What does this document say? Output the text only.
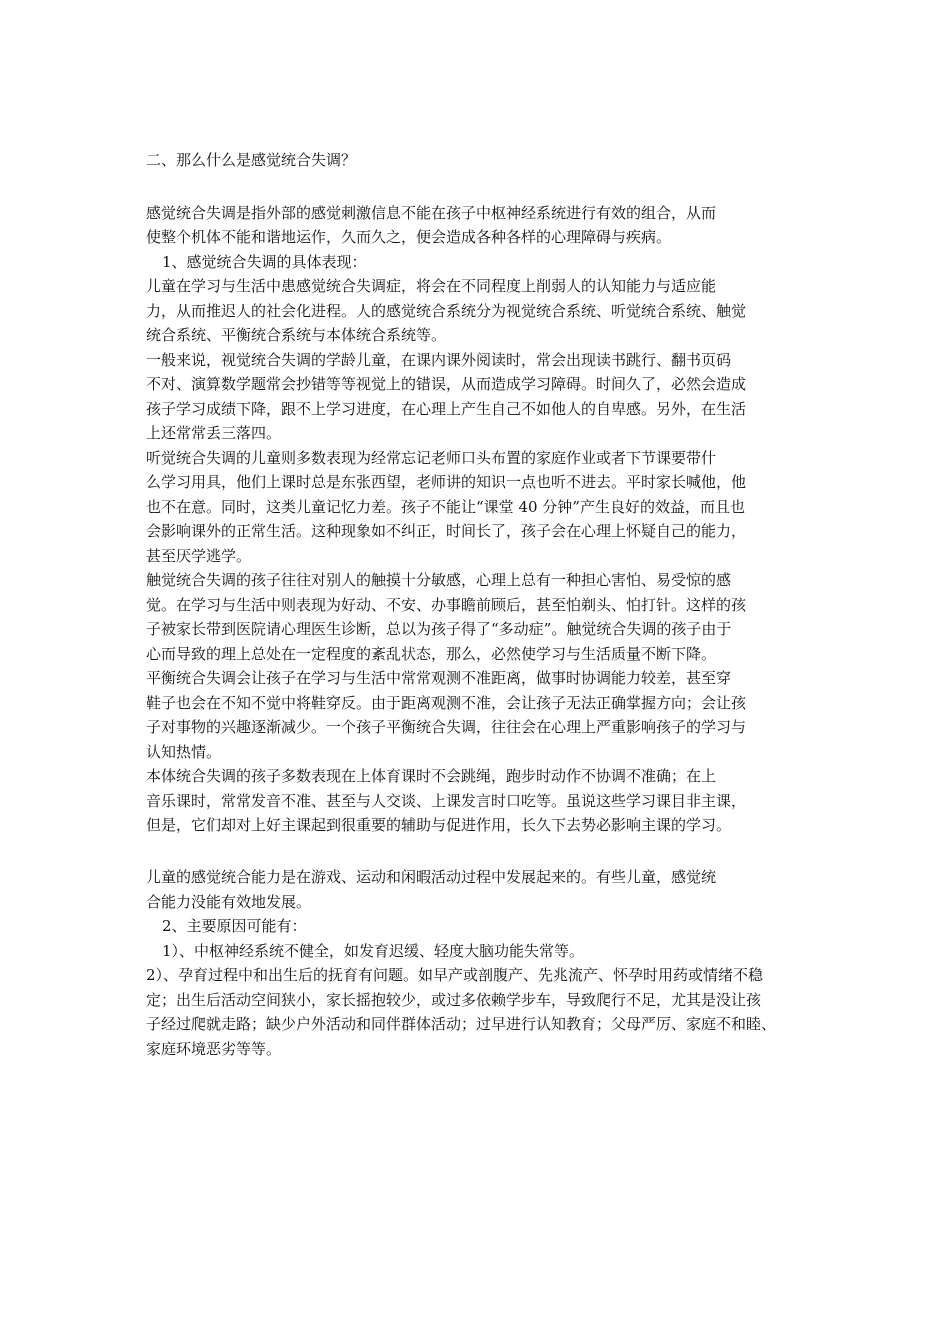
二、那么什么是感觉统合失调？
感觉统合失调是指外部的感觉刺激信息不能在孩子中枢神经系统进行有效的组合，从而
使整个机体不能和谐地运作，久而久之，便会造成各种各样的心理障碍与疾病。
1、感觉统合失调的具体表现：
儿童在学习与生活中患感觉统合失调症，将会在不同程度上削弱人的认知能力与适应能
力，从而推迟人的社会化进程。人的感觉统合系统分为视觉统合系统、听觉统合系统、触觉
统合系统、平衡统合系统与本体统合系统等。
一般来说，视觉统合失调的学龄儿童，在课内课外阅读时，常会出现读书跳行、翻书页码
不对、演算数学题常会抄错等等视觉上的错误，从而造成学习障碍。时间久了，必然会造成
孩子学习成绩下降，跟不上学习进度，在心理上产生自己不如他人的自卑感。另外，在生活
上还常常丢三落四。
听觉统合失调的儿童则多数表现为经常忘记老师口头布置的家庭作业或者下节课要带什
么学习用具，他们上课时总是东张西望，老师讲的知识一点也听不进去。平时家长喊他，他
也不在意。同时，这类儿童记忆力差。孩子不能让“课堂 40 分钟”产生良好的效益，而且也
会影响课外的正常生活。这种现象如不纠正，时间长了，孩子会在心理上怀疑自己的能力，
甚至厌学逃学。
触觉统合失调的孩子往往对别人的触摸十分敏感，心理上总有一种担心害怕、易受惊的感
觉。在学习与生活中则表现为好动、不安、办事瞻前顾后，甚至怕剃头、怕打针。这样的孩
子被家长带到医院请心理医生诊断，总以为孩子得了“多动症”。触觉统合失调的孩子由于
心而导致的理上总处在一定程度的紊乱状态，那么，必然使学习与生活质量不断下降。
平衡统合失调会让孩子在学习与生活中常常观测不准距离，做事时协调能力较差，甚至穿
鞋子也会在不知不觉中将鞋穿反。由于距离观测不准，会让孩子无法正确掌握方向；会让孩
子对事物的兴趣逐渐减少。一个孩子平衡统合失调，往往会在心理上严重影响孩子的学习与
认知热情。
本体统合失调的孩子多数表现在上体育课时不会跳绳，跑步时动作不协调不准确；在上
音乐课时，常常发音不准、甚至与人交谈、上课发言时口吃等。虽说这些学习课目非主课，
但是，它们却对上好主课起到很重要的辅助与促进作用，长久下去势必影响主课的学习。
儿童的感觉统合能力是在游戏、运动和闲暇活动过程中发展起来的。有些儿童，感觉统
合能力没能有效地发展。
2、主要原因可能有：
1）、中枢神经系统不健全，如发育迟缓、轻度大脑功能失常等。
2）、孕育过程中和出生后的抚育有问题。如早产或剖腹产、先兆流产、怀孕时用药或情绪不稳
定；出生后活动空间狭小，家长摇抱较少，或过多依赖学步车，导致爬行不足，尤其是没让孩
子经过爬就走路；缺少户外活动和同伴群体活动；过早进行认知教育；父母严厉、家庭不和睦、
家庭环境恶劣等等。
